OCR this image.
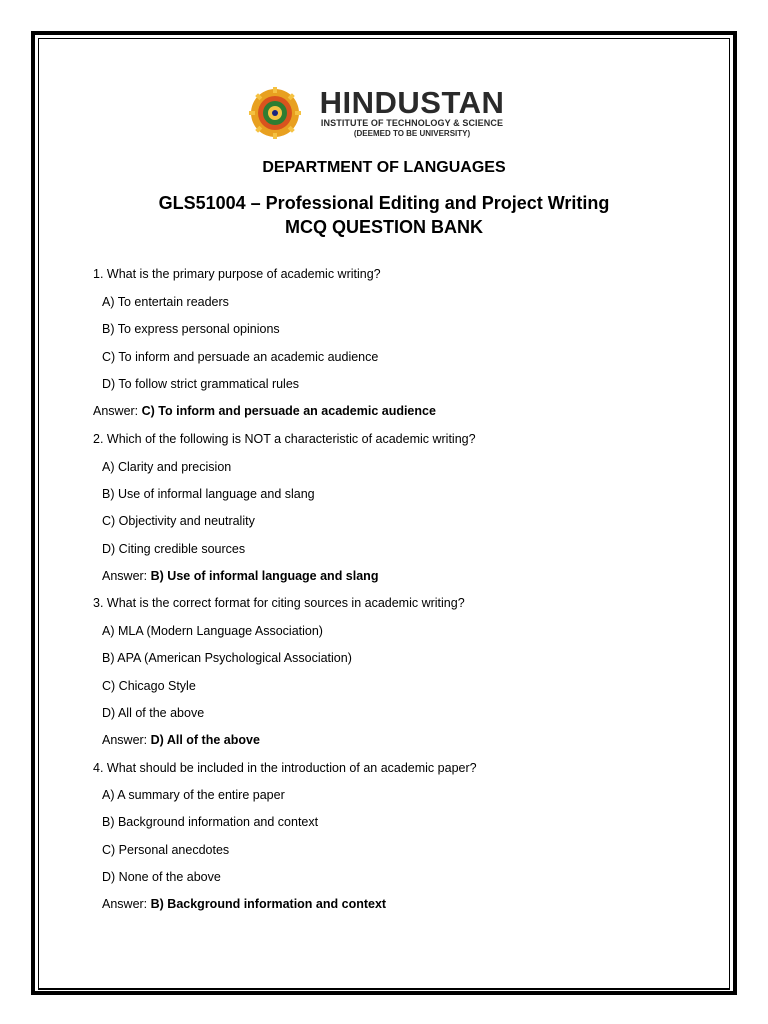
HINDUSTAN
INSTITUTE OF TECHNOLOGY & SCIENCE
(DEEMED TO BE UNIVERSITY)
DEPARTMENT OF LANGUAGES
GLS51004 – Professional Editing and Project Writing
MCQ QUESTION BANK
1. What is the primary purpose of academic writing?
A) To entertain readers
B) To express personal opinions
C) To inform and persuade an academic audience
D) To follow strict grammatical rules
Answer: C) To inform and persuade an academic audience
2. Which of the following is NOT a characteristic of academic writing?
A) Clarity and precision
B) Use of informal language and slang
C) Objectivity and neutrality
D) Citing credible sources
Answer: B) Use of informal language and slang
3. What is the correct format for citing sources in academic writing?
A) MLA (Modern Language Association)
B) APA (American Psychological Association)
C) Chicago Style
D) All of the above
Answer: D) All of the above
4. What should be included in the introduction of an academic paper?
A) A summary of the entire paper
B) Background information and context
C) Personal anecdotes
D) None of the above
Answer: B) Background information and context
